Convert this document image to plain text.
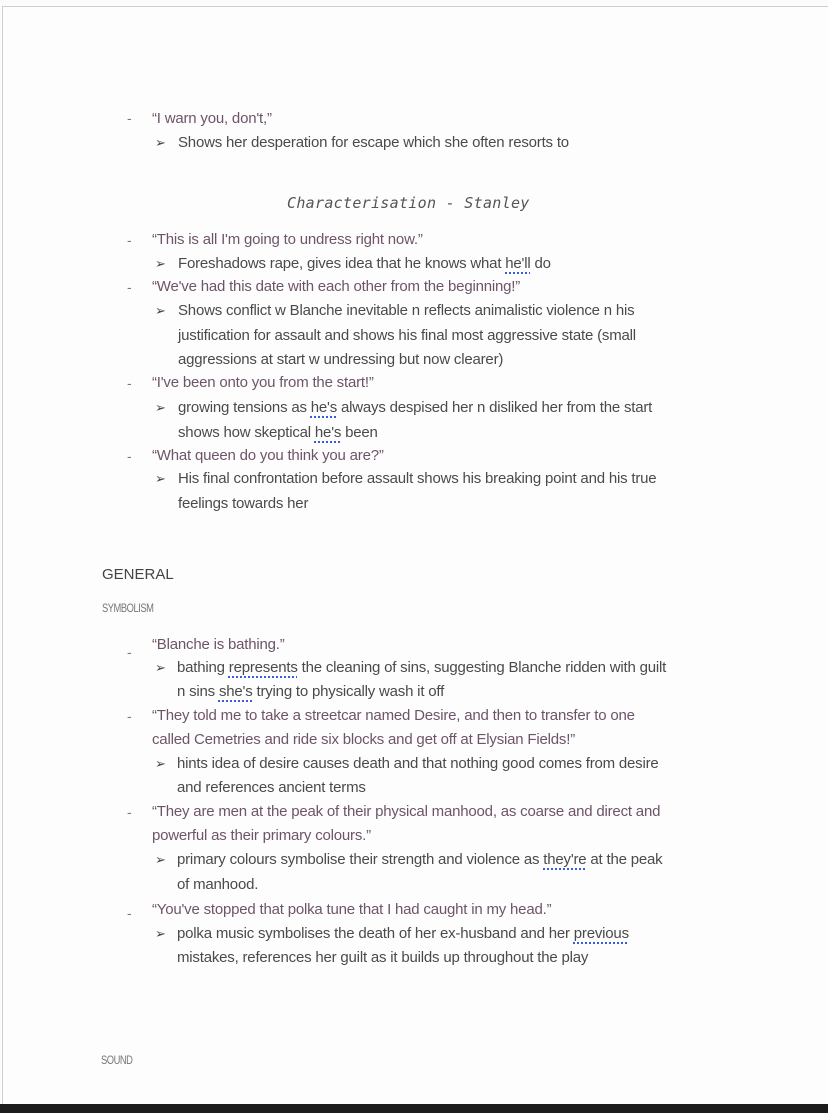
- “I warn you, don't,”
➢ Shows her desperation for escape which she often resorts to
Characterisation - Stanley
- “This is all I'm going to undress right now.”
➢ Foreshadows rape, gives idea that he knows what he'll do
- “We've had this date with each other from the beginning!”
➢ Shows conflict w Blanche inevitable n reflects animalistic violence n his
justification for assault and shows his final most aggressive state (small
aggressions at start w undressing but now clearer)
- “I've been onto you from the start!”
➢ growing tensions as he's always despised her n disliked her from the start
shows how skeptical he's been
- “What queen do you think you are?”
➢ His final confrontation before assault shows his breaking point and his true
feelings towards her
GENERAL
SYMBOLISM
- “Blanche is bathing.”
➢ bathing represents the cleaning of sins, suggesting Blanche ridden with guilt
n sins she's trying to physically wash it off
- “They told me to take a streetcar named Desire, and then to transfer to one
called Cemetries and ride six blocks and get off at Elysian Fields!”
➢ hints idea of desire causes death and that nothing good comes from desire
and references ancient terms
- “They are men at the peak of their physical manhood, as coarse and direct and
powerful as their primary colours.”
➢ primary colours symbolise their strength and violence as they're at the peak
of manhood.
- “You've stopped that polka tune that I had caught in my head.”
➢ polka music symbolises the death of her ex-husband and her previous
mistakes, references her guilt as it builds up throughout the play
SOUND
